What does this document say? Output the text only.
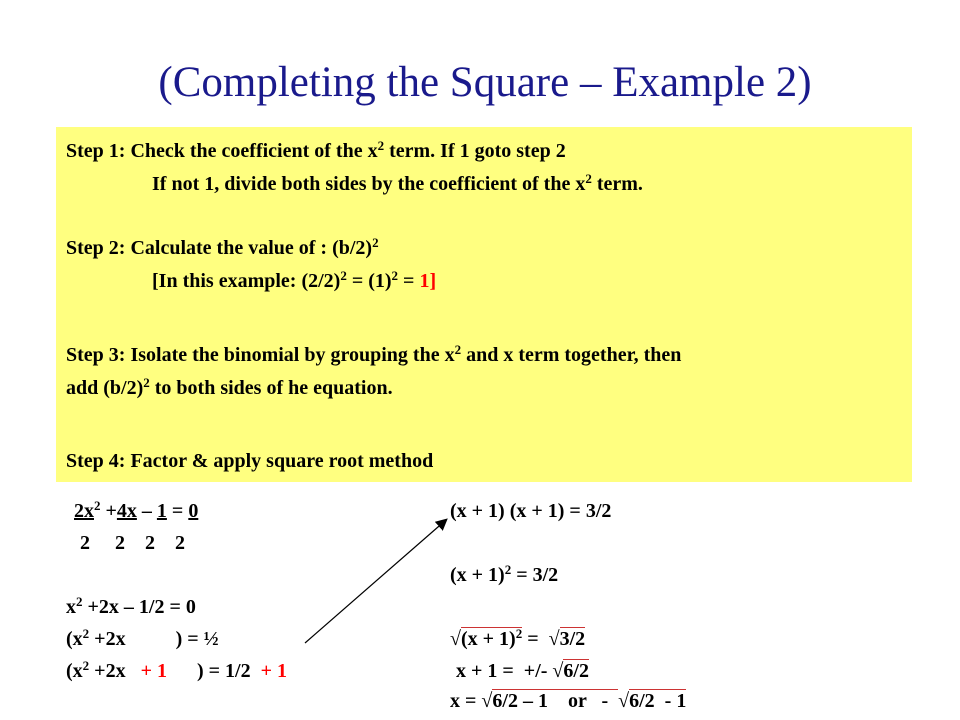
(Completing the Square – Example 2)
Step 1: Check the coefficient of the $x^2$ term. If 1 goto step 2
If not 1, divide both sides by the coefficient of the $x^2$ term.
Step 2: Calculate the value of : $(b/2)^2$
[In this example: $(2/2)^2 = (1)^2 = 1$]
Step 3: Isolate the binomial by grouping the $x^2$ and x term together, then
add $(b/2)^2$ to both sides of he equation.
Step 4: Factor & apply square root method
$2x^2 +4x - 1 = 0$
2     2    2    2
$x^2 +2x - 1/2 = 0$
($x^2 +2x$          ) = ½
($x^2 +2x + 1$      ) = 1/2  + 1
(x + 1) (x + 1) = 3/2
$(x + 1)^2 = 3/2$
$√(x + 1)^2 = √3/2$
x + 1 =  +/- √6/2
x = √6/2 – 1    or   -  √6/2  - 1
